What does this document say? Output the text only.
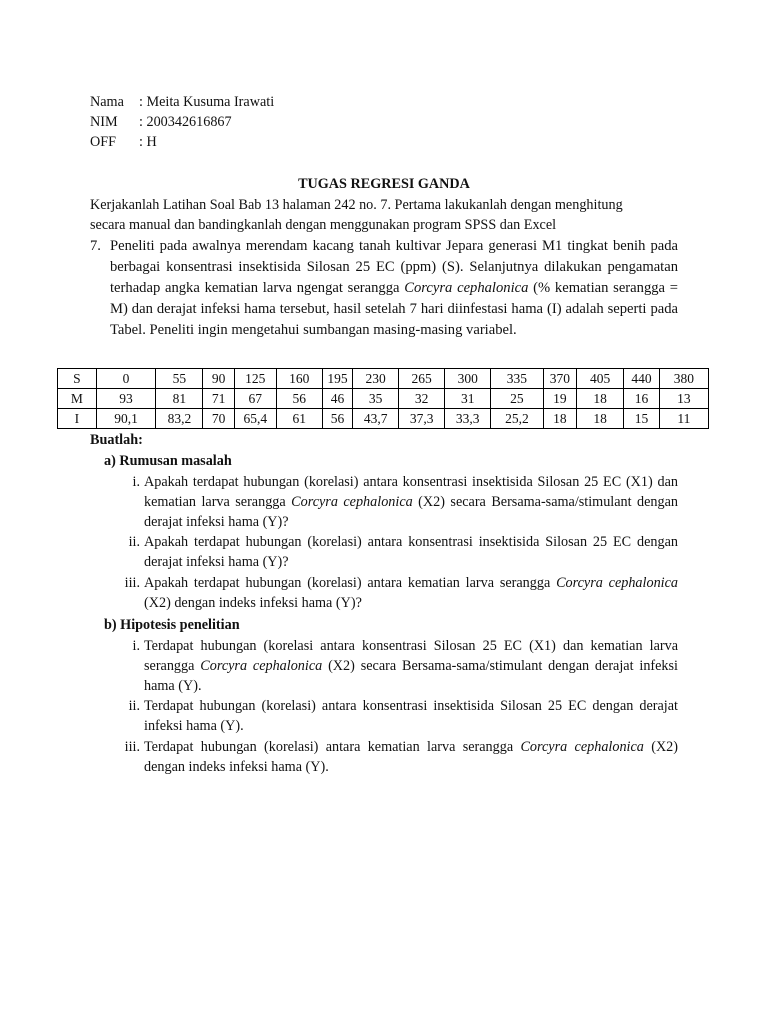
Nama	: Meita Kusuma Irawati
NIM	: 200342616867
OFF	: H
TUGAS REGRESI GANDA

Kerjakanlah Latihan Soal Bab 13 halaman 242 no. 7. Pertama lakukanlah dengan menghitung

secara manual dan bandingkanlah dengan menggunakan program SPSS dan Excel

7. Peneliti pada awalnya merendam kacang tanah kultivar Jepara generasi M1 tingkat benih pada berbagai konsentrasi insektisida Silosan 25 EC (ppm) (S). Selanjutnya dilakukan pengamatan terhadap angka kematian larva ngengat serangga Corcyra cephalonica (% kematian serangga = M) dan derajat infeksi hama tersebut, hasil setelah 7 hari diinfestasi hama (I) adalah seperti pada Tabel. Peneliti ingin mengetahui sumbangan masing-masing variabel.
S	0	55	90	125	160	195	230	265	300	335	370	405	440	380
M	93	81	71	67	56	46	35	32	31	25	19	18	16	13
I	90,1	83,2	70	65,4	61	56	43,7	37,3	33,3	25,2	18	18	15	11
Buatlah:
a) Rumusan masalah
i. Apakah terdapat hubungan (korelasi) antara konsentrasi insektisida Silosan 25 EC (X1) dan kematian larva serangga Corcyra cephalonica (X2) secara Bersama-sama/stimulant dengan derajat infeksi hama (Y)?
ii. Apakah terdapat hubungan (korelasi) antara konsentrasi insektisida Silosan 25 EC dengan derajat infeksi hama (Y)?
iii. Apakah terdapat hubungan (korelasi) antara kematian larva serangga Corcyra cephalonica (X2) dengan indeks infeksi hama (Y)?
b) Hipotesis penelitian
i. Terdapat hubungan (korelasi antara konsentrasi Silosan 25 EC (X1) dan kematian larva serangga Corcyra cephalonica (X2) secara Bersama-sama/stimulant dengan derajat infeksi hama (Y).
ii. Terdapat hubungan (korelasi) antara konsentrasi insektisida Silosan 25 EC dengan derajat infeksi hama (Y).
iii. Terdapat hubungan (korelasi) antara kematian larva serangga Corcyra cephalonica (X2) dengan indeks infeksi hama (Y).
